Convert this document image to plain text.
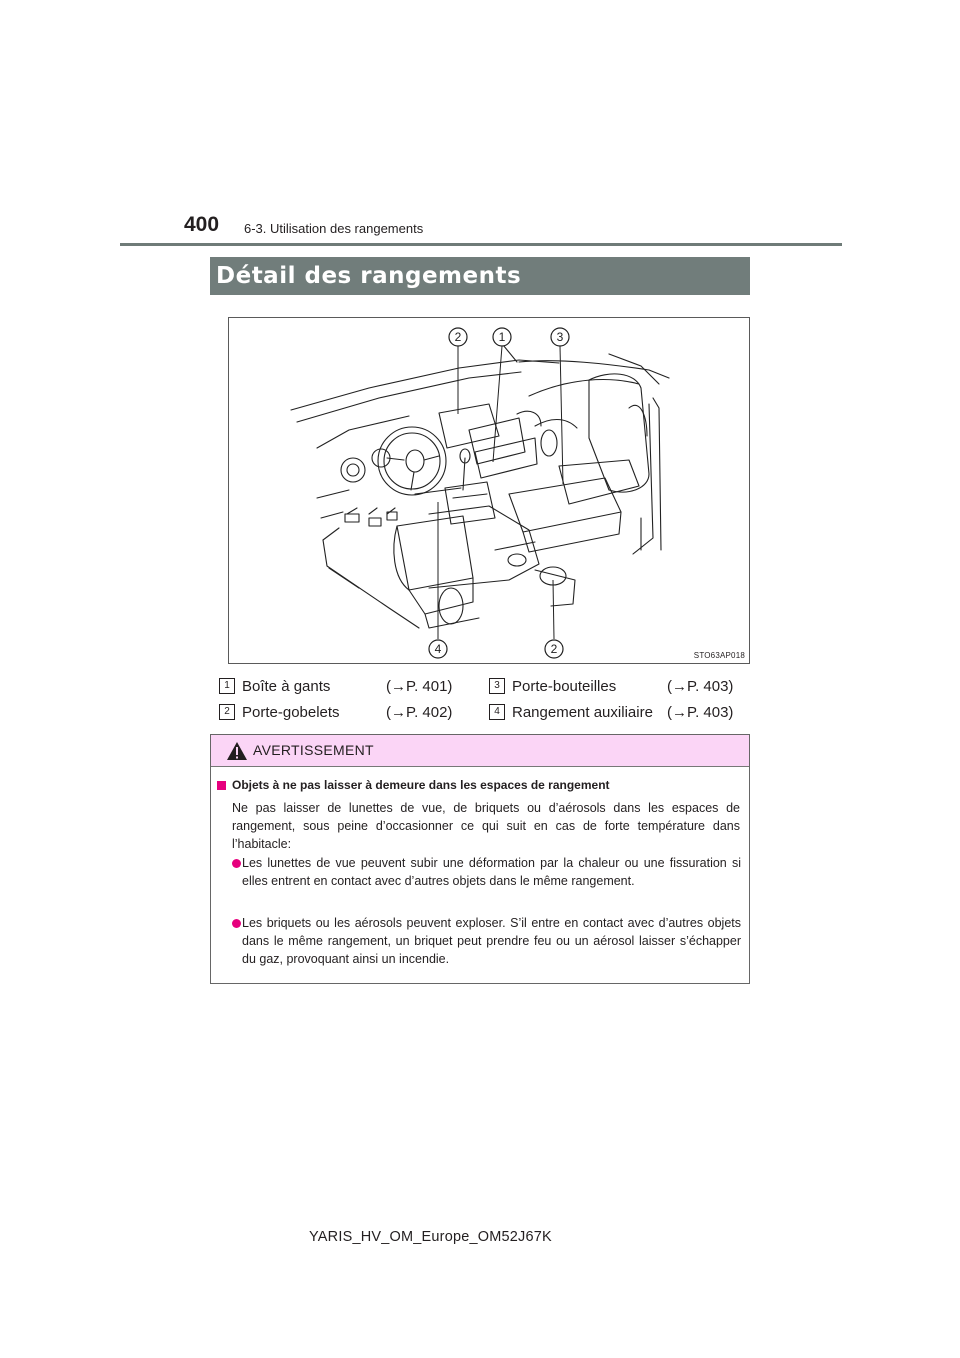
400 6-3. Utilisation des rangements
Détail des rangements
2	1	3
4	2	STO63AP018
1 Boîte à gants	(→P. 401)	3 Porte-bouteilles	(→P. 403)
2 Porte-gobelets	(→P. 402)	4 Rangement auxiliaire (→P. 403)
AVERTISSEMENT
Objets à ne pas laisser à demeure dans les espaces de rangement
Ne pas laisser de lunettes de vue, de briquets ou d’aérosols dans les espaces de rangement, sous peine d’occasionner ce qui suit en cas de forte température dans l’habitacle:
Les lunettes de vue peuvent subir une déformation par la chaleur ou une fissuration si elles entrent en contact avec d’autres objets dans le même rangement.
Les briquets ou les aérosols peuvent exploser. S’il entre en contact avec d’autres objets dans le même rangement, un briquet peut prendre feu ou un aérosol laisser s’échapper du gaz, provoquant ainsi un incendie.
YARIS_HV_OM_Europe_OM52J67K
